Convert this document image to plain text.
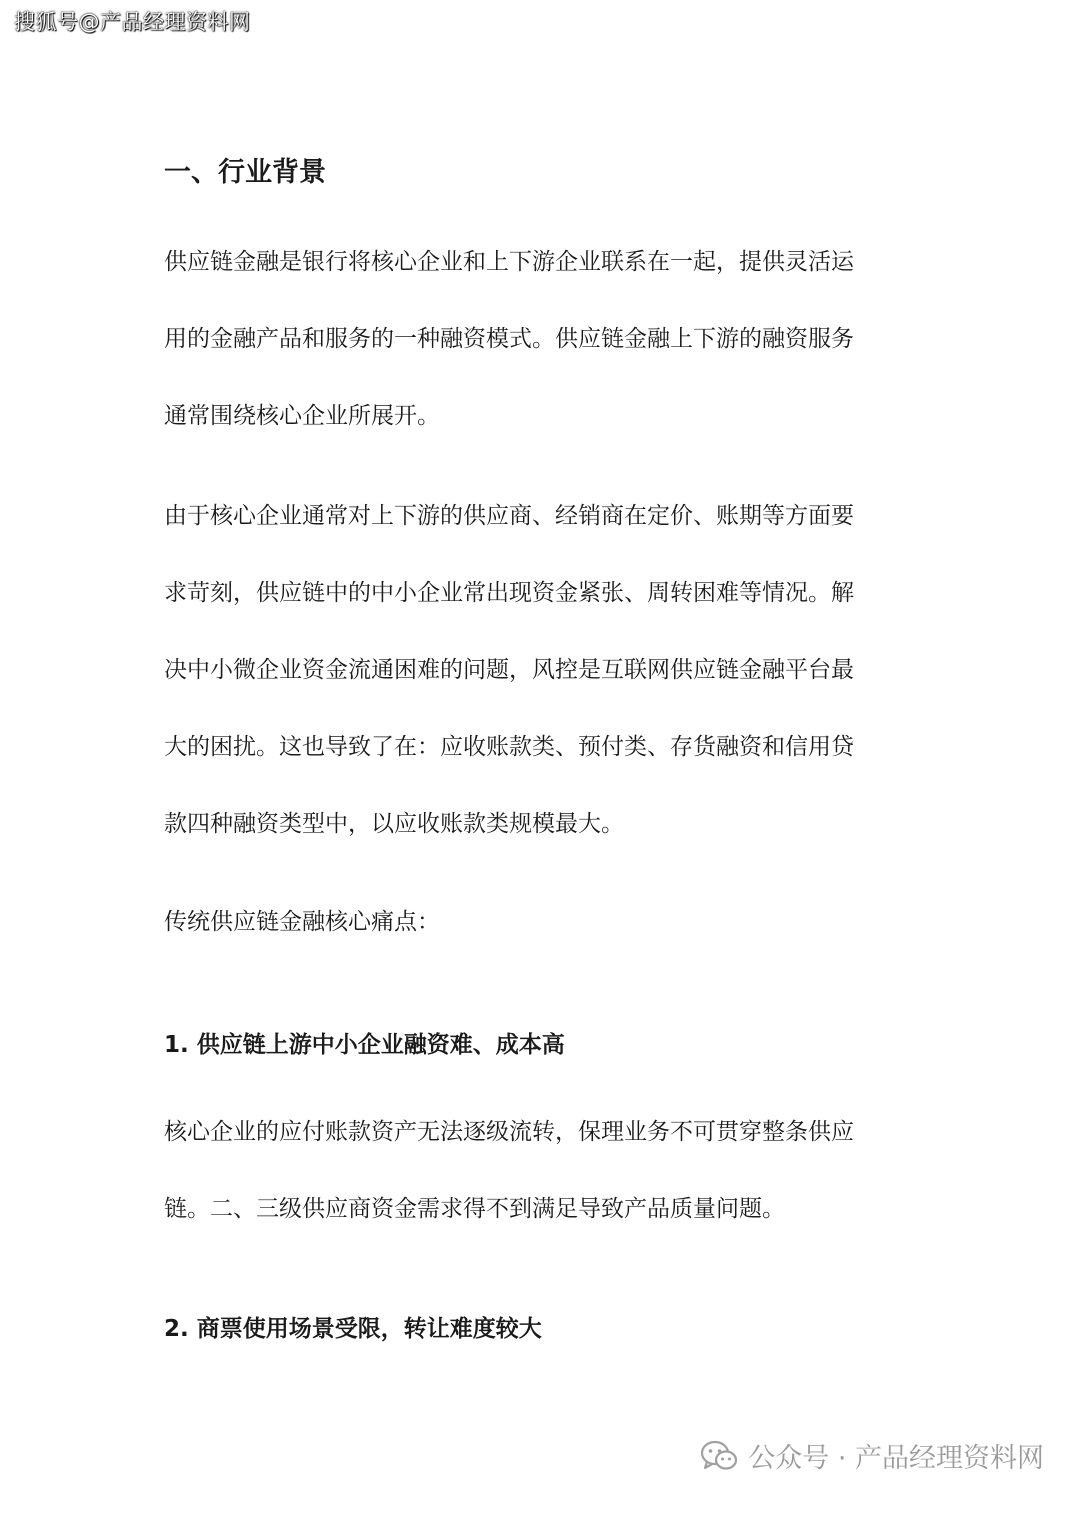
搜狐号@产品经理资料网
一、行业背景
供应链金融是银行将核心企业和上下游企业联系在一起，提供灵活运
用的金融产品和服务的一种融资模式。供应链金融上下游的融资服务
通常围绕核心企业所展开。
由于核心企业通常对上下游的供应商、经销商在定价、账期等方面要
求苛刻，供应链中的中小企业常出现资金紧张、周转困难等情况。解
决中小微企业资金流通困难的问题，风控是互联网供应链金融平台最
大的困扰。这也导致了在：应收账款类、预付类、存货融资和信用贷
款四种融资类型中，以应收账款类规模最大。
传统供应链金融核心痛点：
1. 供应链上游中小企业融资难、成本高
核心企业的应付账款资产无法逐级流转，保理业务不可贯穿整条供应
链。二、三级供应商资金需求得不到满足导致产品质量问题。
2. 商票使用场景受限，转让难度较大
公众号 · 产品经理资料网
